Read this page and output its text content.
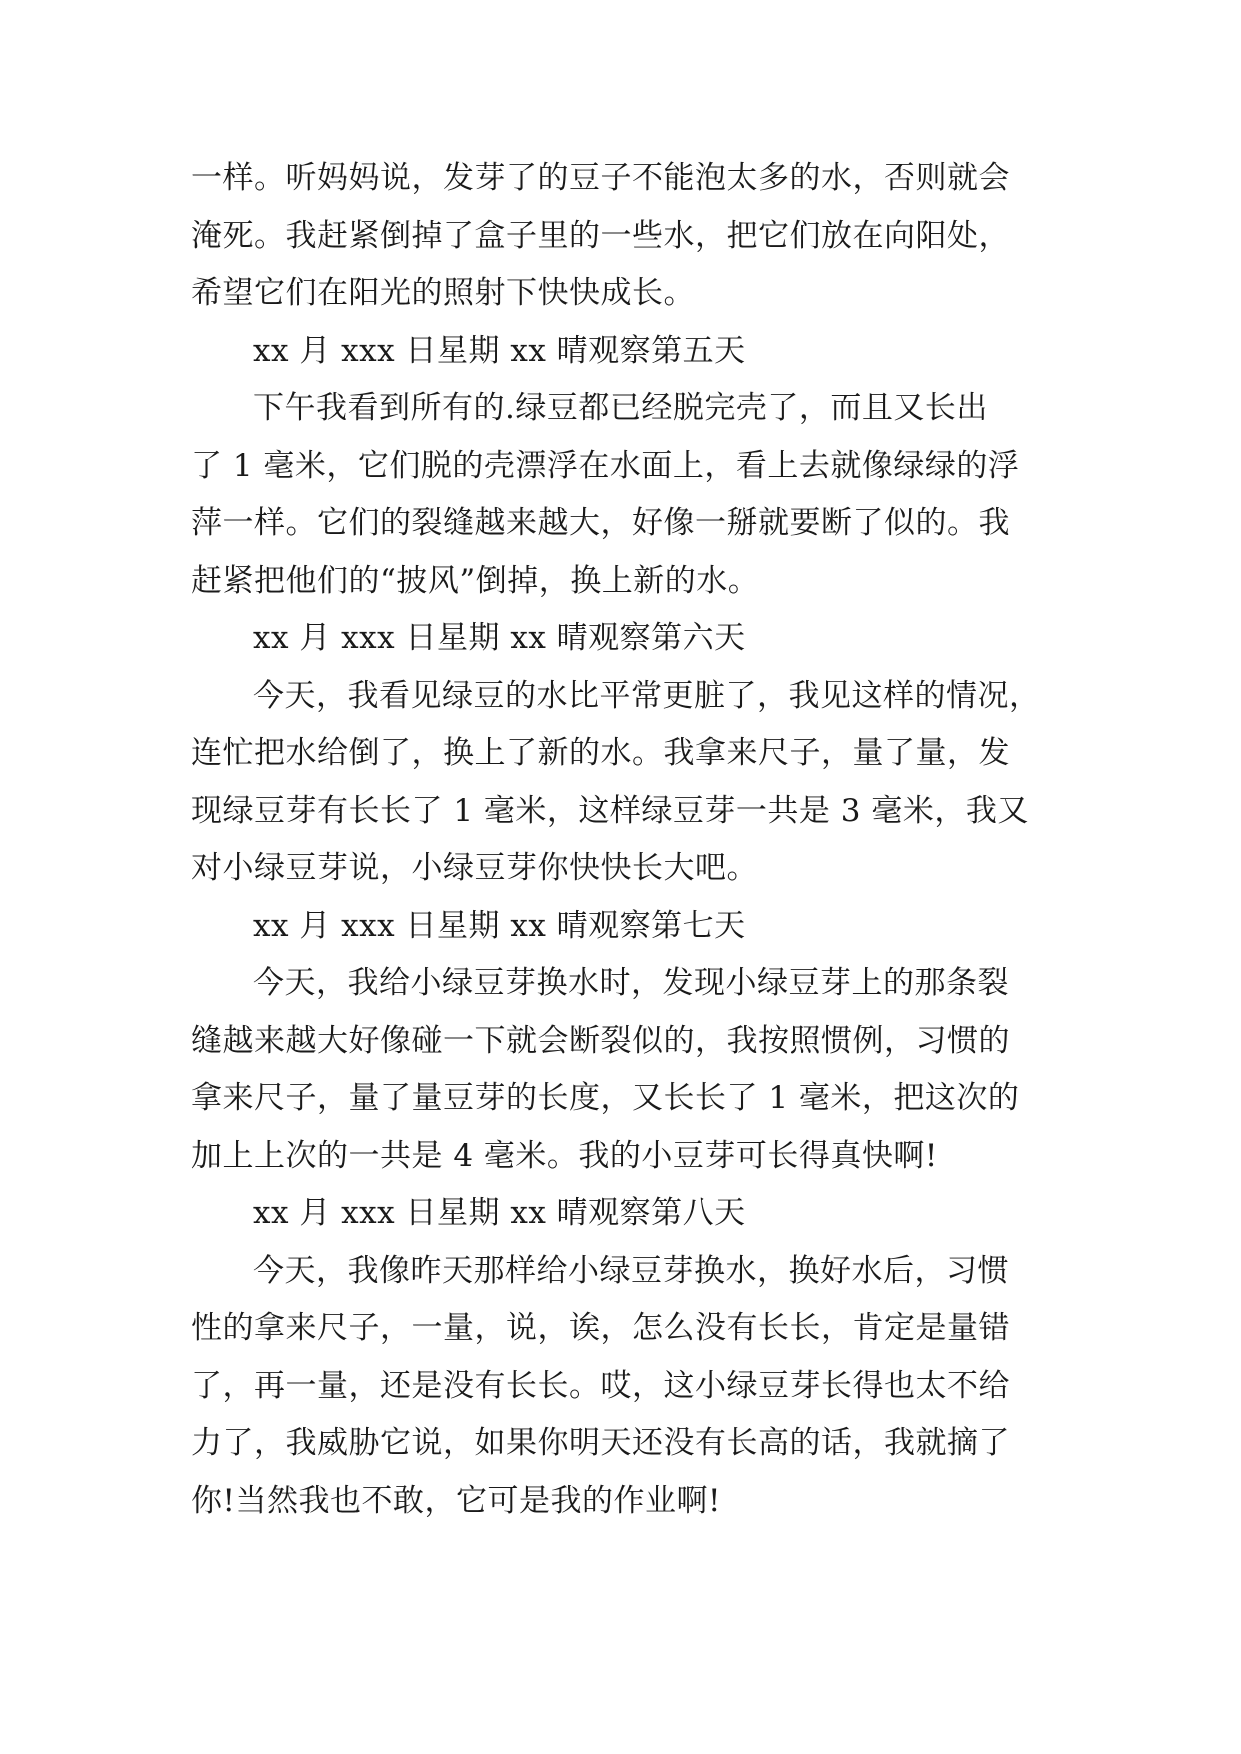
一样。听妈妈说，发芽了的豆子不能泡太多的水，否则就会
淹死。我赶紧倒掉了盒子里的一些水，把它们放在向阳处，
希望它们在阳光的照射下快快成长。
xx 月 xxx 日星期 xx 晴观察第五天
下午我看到所有的.绿豆都已经脱完壳了，而且又长出
了 1 毫米，它们脱的壳漂浮在水面上，看上去就像绿绿的浮
萍一样。它们的裂缝越来越大，好像一掰就要断了似的。我
赶紧把他们的“披风”倒掉，换上新的水。
xx 月 xxx 日星期 xx 晴观察第六天
今天，我看见绿豆的水比平常更脏了，我见这样的情况，
连忙把水给倒了，换上了新的水。我拿来尺子，量了量，发
现绿豆芽有长长了 1 毫米，这样绿豆芽一共是 3 毫米，我又
对小绿豆芽说，小绿豆芽你快快长大吧。
xx 月 xxx 日星期 xx 晴观察第七天
今天，我给小绿豆芽换水时，发现小绿豆芽上的那条裂
缝越来越大好像碰一下就会断裂似的，我按照惯例，习惯的
拿来尺子，量了量豆芽的长度，又长长了 1 毫米，把这次的
加上上次的一共是 4 毫米。我的小豆芽可长得真快啊!
xx 月 xxx 日星期 xx 晴观察第八天
今天，我像昨天那样给小绿豆芽换水，换好水后，习惯
性的拿来尺子，一量，说，诶，怎么没有长长，肯定是量错
了，再一量，还是没有长长。哎，这小绿豆芽长得也太不给
力了，我威胁它说，如果你明天还没有长高的话，我就摘了
你!当然我也不敢，它可是我的作业啊!
